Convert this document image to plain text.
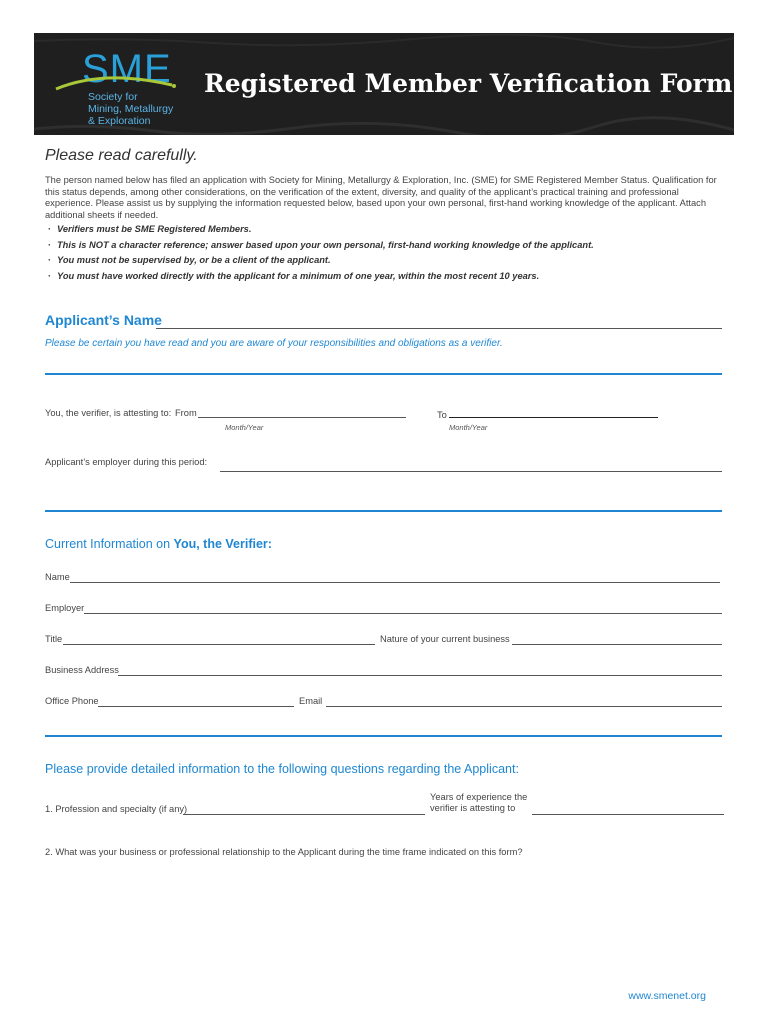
SME
Society for
Mining, Metallurgy
& Exploration
Registered Member Verification Form
Please read carefully.
The person named below has filed an application with Society for Mining, Metallurgy & Exploration, Inc. (SME) for SME Registered Member Status. Qualification for this status depends, among other considerations, on the verification of the extent, diversity, and quality of the applicant’s practical training and professional experience. Please assist us by supplying the information requested below, based upon your own personal, first-hand working knowledge of the applicant. Attach additional sheets if needed.
· Verifiers must be SME Registered Members.
· This is NOT a character reference; answer based upon your own personal, first-hand working knowledge of the applicant.
· You must not be supervised by, or be a client of the applicant.
· You must have worked directly with the applicant for a minimum of one year, within the most recent 10 years.
Applicant’s Name
Please be certain you have read and you are aware of your responsibilities and obligations as a verifier.
You, the verifier, is attesting to: From
Month/Year
To
Month/Year
Applicant’s employer during this period:
Current Information on You, the Verifier:
Name
Employer
Title	Nature of your current business
Business Address
Office Phone	Email
Please provide detailed information to the following questions regarding the Applicant:
1. Profession and specialty (if any)
Years of experience the
verifier is attesting to
2. What was your business or professional relationship to the Applicant during the time frame indicated on this form?
www.smenet.org
